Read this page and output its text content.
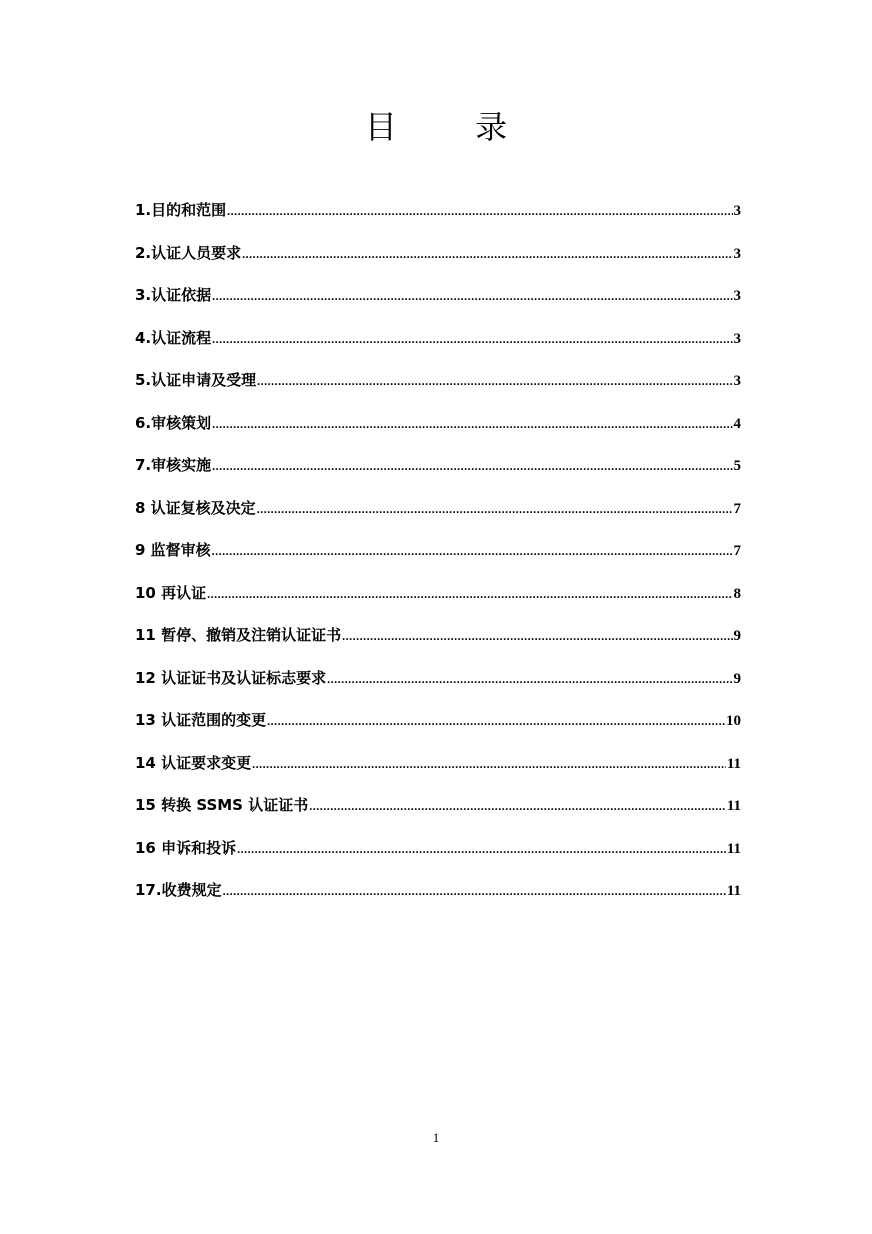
目 录
1.目的和范围 .....	3
2.认证人员要求 .....	3
3.认证依据 .....	3
4.认证流程 .....	3
5.认证申请及受理 .....	3
6.审核策划 .....	4
7.审核实施 .....	5
8 认证复核及决定 .....	7
9 监督审核 .....	7
10 再认证 .....	8
11 暂停、撤销及注销认证证书 .....	9
12 认证证书及认证标志要求 .....	9
13 认证范围的变更 .....	10
14 认证要求变更 .....	11
15 转换 SSMS 认证证书 .....	11
16 申诉和投诉 .....	11
17.收费规定 .....	11
1
